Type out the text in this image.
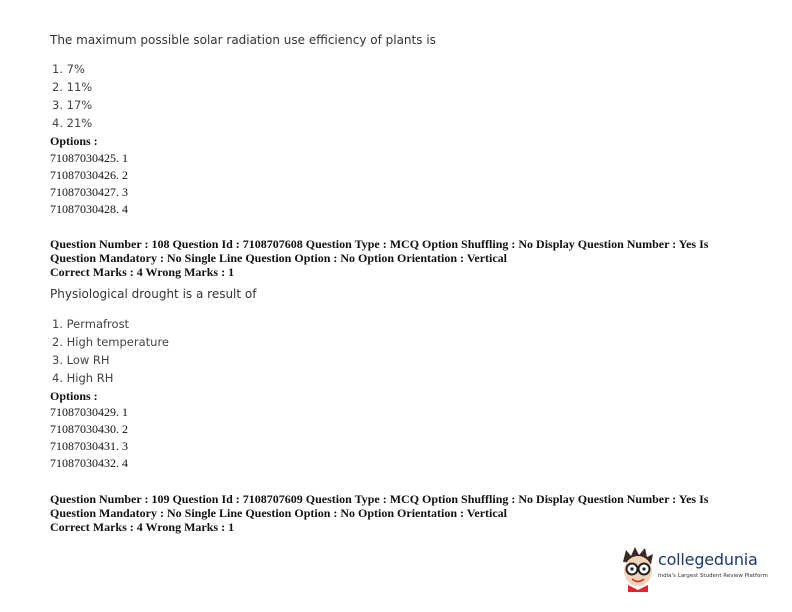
The maximum possible solar radiation use efficiency of plants is
1. 7%
2. 11%
3. 17%
4. 21%
Options :
71087030425. 1
71087030426. 2
71087030427. 3
71087030428. 4
Question Number : 108 Question Id : 7108707608 Question Type : MCQ Option Shuffling : No Display Question Number : Yes Is
Question Mandatory : No Single Line Question Option : No Option Orientation : Vertical
Correct Marks : 4 Wrong Marks : 1
Physiological drought is a result of
1. Permafrost
2. High temperature
3. Low RH
4. High RH
Options :
71087030429. 1
71087030430. 2
71087030431. 3
71087030432. 4
Question Number : 109 Question Id : 7108707609 Question Type : MCQ Option Shuffling : No Display Question Number : Yes Is
Question Mandatory : No Single Line Question Option : No Option Orientation : Vertical
Correct Marks : 4 Wrong Marks : 1
collegedunia
India's Largest Student Review Platform
